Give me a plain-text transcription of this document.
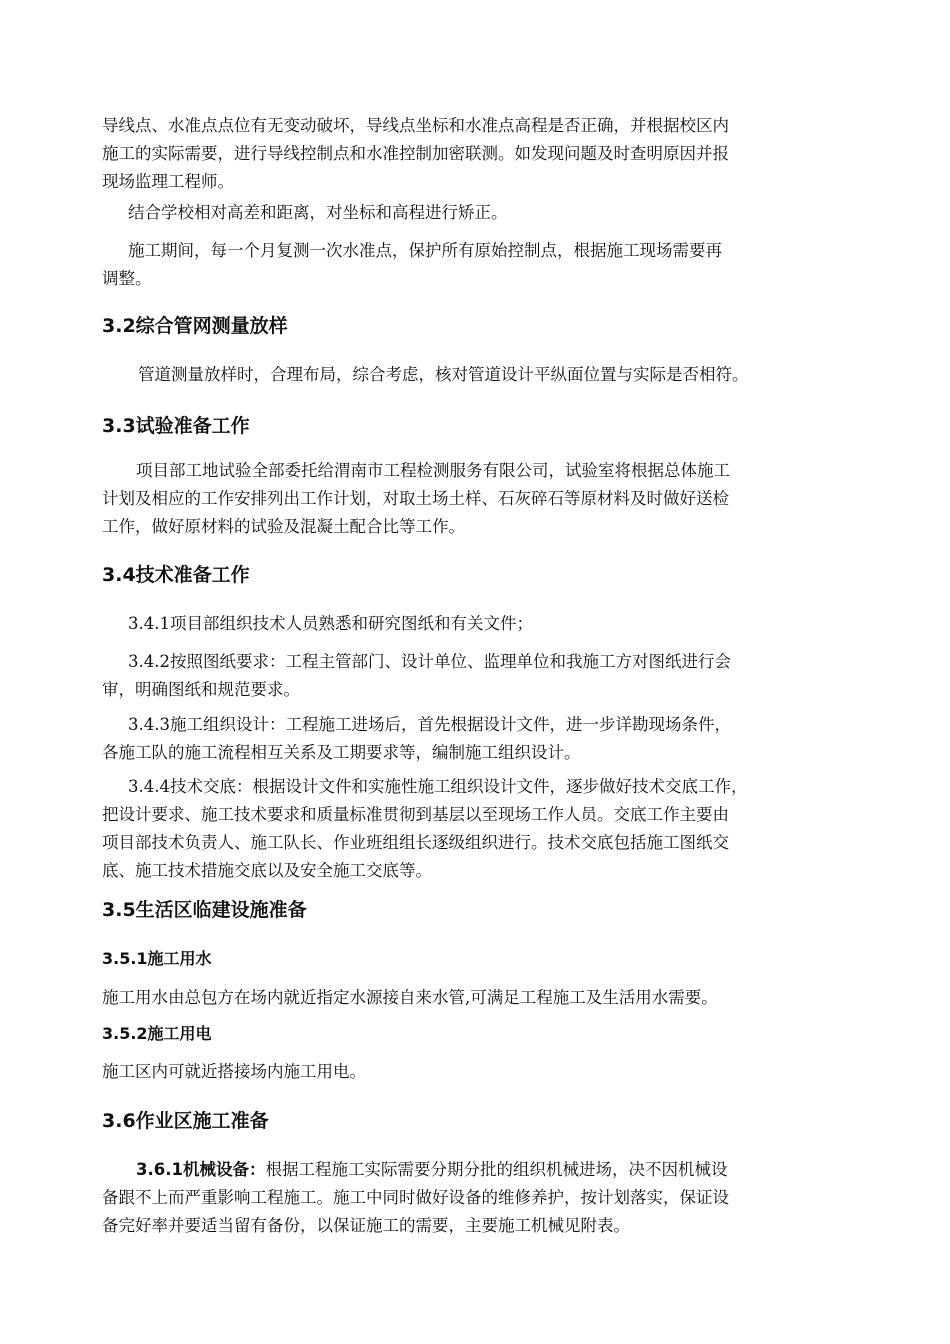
导线点、水准点点位有无变动破坏，导线点坐标和水准点高程是否正确，并根据校区内
施工的实际需要，进行导线控制点和水准控制加密联测。如发现问题及时查明原因并报
现场监理工程师。
结合学校相对高差和距离，对坐标和高程进行矫正。
施工期间，每一个月复测一次水准点，保护所有原始控制点，根据施工现场需要再
调整。
3.2综合管网测量放样
管道测量放样时，合理布局，综合考虑，核对管道设计平纵面位置与实际是否相符。
3.3试验准备工作
项目部工地试验全部委托给渭南市工程检测服务有限公司，试验室将根据总体施工
计划及相应的工作安排列出工作计划，对取土场土样、石灰碎石等原材料及时做好送检
工作，做好原材料的试验及混凝土配合比等工作。
3.4技术准备工作
3.4.1项目部组织技术人员熟悉和研究图纸和有关文件；
3.4.2按照图纸要求：工程主管部门、设计单位、监理单位和我施工方对图纸进行会
审，明确图纸和规范要求。
3.4.3施工组织设计：工程施工进场后，首先根据设计文件，进一步详勘现场条件，
各施工队的施工流程相互关系及工期要求等，编制施工组织设计。
3.4.4技术交底：根据设计文件和实施性施工组织设计文件，逐步做好技术交底工作，
把设计要求、施工技术要求和质量标准贯彻到基层以至现场工作人员。交底工作主要由
项目部技术负责人、施工队长、作业班组组长逐级组织进行。技术交底包括施工图纸交
底、施工技术措施交底以及安全施工交底等。
3.5生活区临建设施准备
3.5.1施工用水
施工用水由总包方在场内就近指定水源接自来水管,可满足工程施工及生活用水需要。
3.5.2施工用电
施工区内可就近搭接场内施工用电。
3.6作业区施工准备
3.6.1机械设备：根据工程施工实际需要分期分批的组织机械进场，决不因机械设
备跟不上而严重影响工程施工。施工中同时做好设备的维修养护，按计划落实，保证设
备完好率并要适当留有备份，以保证施工的需要，主要施工机械见附表。
